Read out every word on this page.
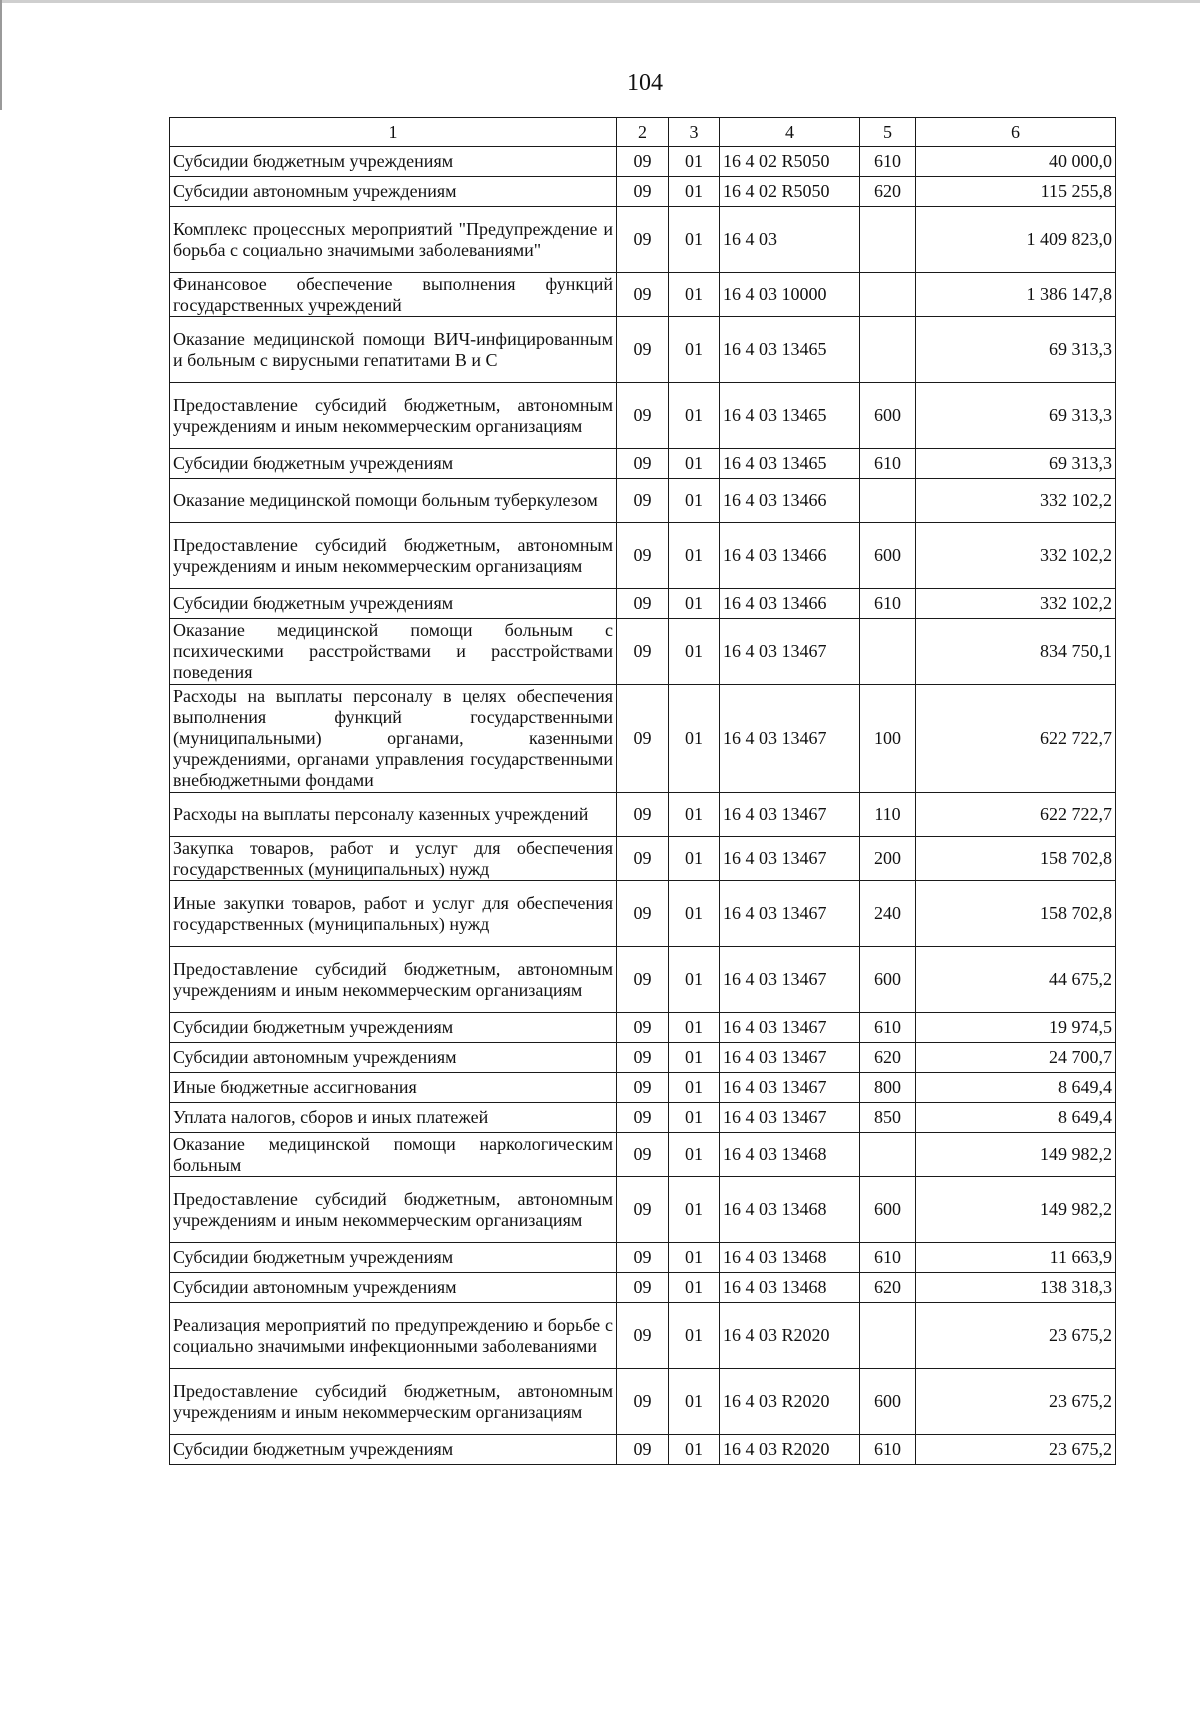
104
1	2	3	4	5	6
Субсидии бюджетным учреждениям	09	01	16 4 02 R5050	610	40 000,0
Субсидии автономным учреждениям	09	01	16 4 02 R5050	620	115 255,8
Комплекс процессных мероприятий "Предупреждение и борьба с социально значимыми заболеваниями"	09	01	16 4 03		1 409 823,0
Финансовое обеспечение выполнения функций государственных учреждений	09	01	16 4 03 10000		1 386 147,8
Оказание медицинской помощи ВИЧ-инфицированным и больным с вирусными гепатитами В и С	09	01	16 4 03 13465		69 313,3
Предоставление субсидий бюджетным, автономным учреждениям и иным некоммерческим организациям	09	01	16 4 03 13465	600	69 313,3
Субсидии бюджетным учреждениям	09	01	16 4 03 13465	610	69 313,3
Оказание медицинской помощи больным туберкулезом	09	01	16 4 03 13466		332 102,2
Предоставление субсидий бюджетным, автономным учреждениям и иным некоммерческим организациям	09	01	16 4 03 13466	600	332 102,2
Субсидии бюджетным учреждениям	09	01	16 4 03 13466	610	332 102,2
Оказание медицинской помощи больным с психическими расстройствами и расстройствами поведения	09	01	16 4 03 13467		834 750,1
Расходы на выплаты персоналу в целях обеспечения выполнения функций государственными (муниципальными) органами, казенными учреждениями, органами управления государственными внебюджетными фондами	09	01	16 4 03 13467	100	622 722,7
Расходы на выплаты персоналу казенных учреждений	09	01	16 4 03 13467	110	622 722,7
Закупка товаров, работ и услуг для обеспечения государственных (муниципальных) нужд	09	01	16 4 03 13467	200	158 702,8
Иные закупки товаров, работ и услуг для обеспечения государственных (муниципальных) нужд	09	01	16 4 03 13467	240	158 702,8
Предоставление субсидий бюджетным, автономным учреждениям и иным некоммерческим организациям	09	01	16 4 03 13467	600	44 675,2
Субсидии бюджетным учреждениям	09	01	16 4 03 13467	610	19 974,5
Субсидии автономным учреждениям	09	01	16 4 03 13467	620	24 700,7
Иные бюджетные ассигнования	09	01	16 4 03 13467	800	8 649,4
Уплата налогов, сборов и иных платежей	09	01	16 4 03 13467	850	8 649,4
Оказание медицинской помощи наркологическим больным	09	01	16 4 03 13468		149 982,2
Предоставление субсидий бюджетным, автономным учреждениям и иным некоммерческим организациям	09	01	16 4 03 13468	600	149 982,2
Субсидии бюджетным учреждениям	09	01	16 4 03 13468	610	11 663,9
Субсидии автономным учреждениям	09	01	16 4 03 13468	620	138 318,3
Реализация мероприятий по предупреждению и борьбе с социально значимыми инфекционными заболеваниями	09	01	16 4 03 R2020		23 675,2
Предоставление субсидий бюджетным, автономным учреждениям и иным некоммерческим организациям	09	01	16 4 03 R2020	600	23 675,2
Субсидии бюджетным учреждениям	09	01	16 4 03 R2020	610	23 675,2
